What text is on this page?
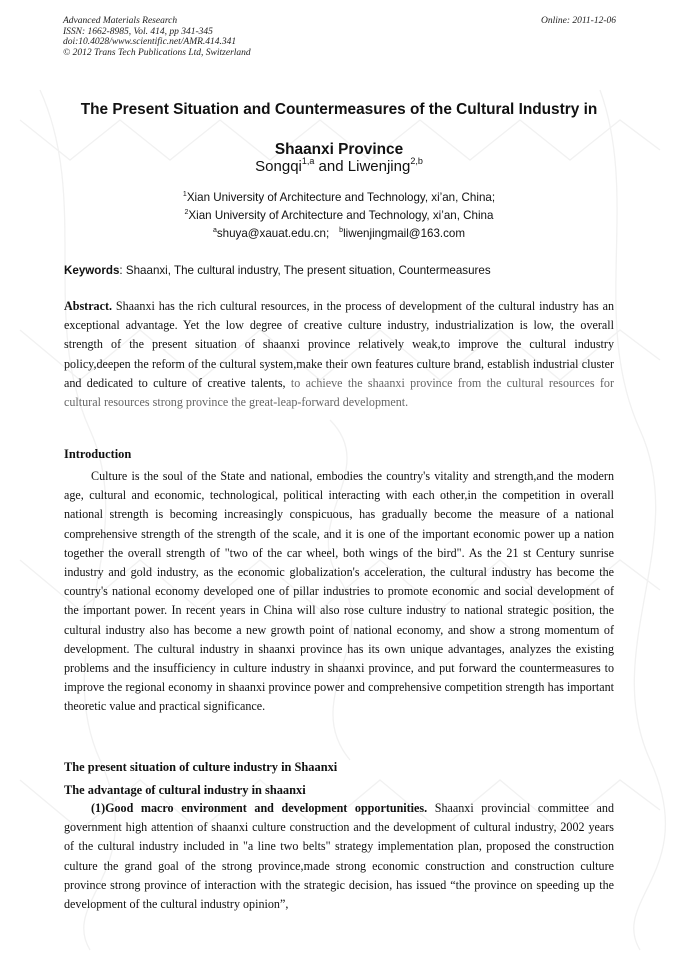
Advanced Materials Research
ISSN: 1662-8985, Vol. 414, pp 341-345
doi:10.4028/www.scientific.net/AMR.414.341
© 2012 Trans Tech Publications Ltd, Switzerland
Online: 2011-12-06
The Present Situation and Countermeasures of the Cultural Industry in
Shaanxi Province
Songqi$^{1,a}$ and Liwenjing$^{2,b}$
$^1$Xian University of Architecture and Technology, xi’an, China;
$^2$Xian University of Architecture and Technology, xi’an, China
$^a$shuya@xauat.edu.cn; $^b$liwenjingmail@163.com
Keywords: Shaanxi, The cultural industry, The present situation, Countermeasures
Abstract. Shaanxi has the rich cultural resources, in the process of development of the cultural industry has an exceptional advantage. Yet the low degree of creative culture industry, industrialization is low, the overall strength of the present situation of shaanxi province relatively weak,to improve the cultural industry policy,deepen the reform of the cultural system,make their own features culture brand, establish industrial cluster and dedicated to culture of creative talents, to achieve the shaanxi province from the cultural resources for cultural resources strong province the great-leap-forward development.
Introduction
Culture is the soul of the State and national, embodies the country's vitality and strength,and the modern age, cultural and economic, technological, political interacting with each other,in the competition in overall national strength is becoming increasingly conspicuous, has gradually become the measure of a national comprehensive strength of the strength of the scale, and it is one of the important economic power up a nation together the overall strength of "two of the car wheel, both wings of the bird". As the 21 st Century sunrise industry and gold industry, as the economic globalization's acceleration, the cultural industry has become the country's national economy developed one of pillar industries to promote economic and social development of the important power. In recent years in China will also rose culture industry to national strategic position, the cultural industry also has become a new growth point of national economy, and show a strong momentum of development. The cultural industry in shaanxi province has its own unique advantages, analyzes the existing problems and the insufficiency in culture industry in shaanxi province, and put forward the countermeasures to improve the regional economy in shaanxi province power and comprehensive competition strength has important theoretic value and practical significance.
The present situation of culture industry in Shaanxi
The advantage of cultural industry in shaanxi
(1)Good macro environment and development opportunities. Shaanxi provincial committee and government high attention of shaanxi culture construction and the development of cultural industry, 2002 years of the cultural industry included in "a line two belts" strategy implementation plan, proposed the construction culture the grand goal of the strong province,made strong economic construction and construction culture province strong province of interaction with the strategic decision, has issued “the province on speeding up the development of the cultural industry opinion”,
